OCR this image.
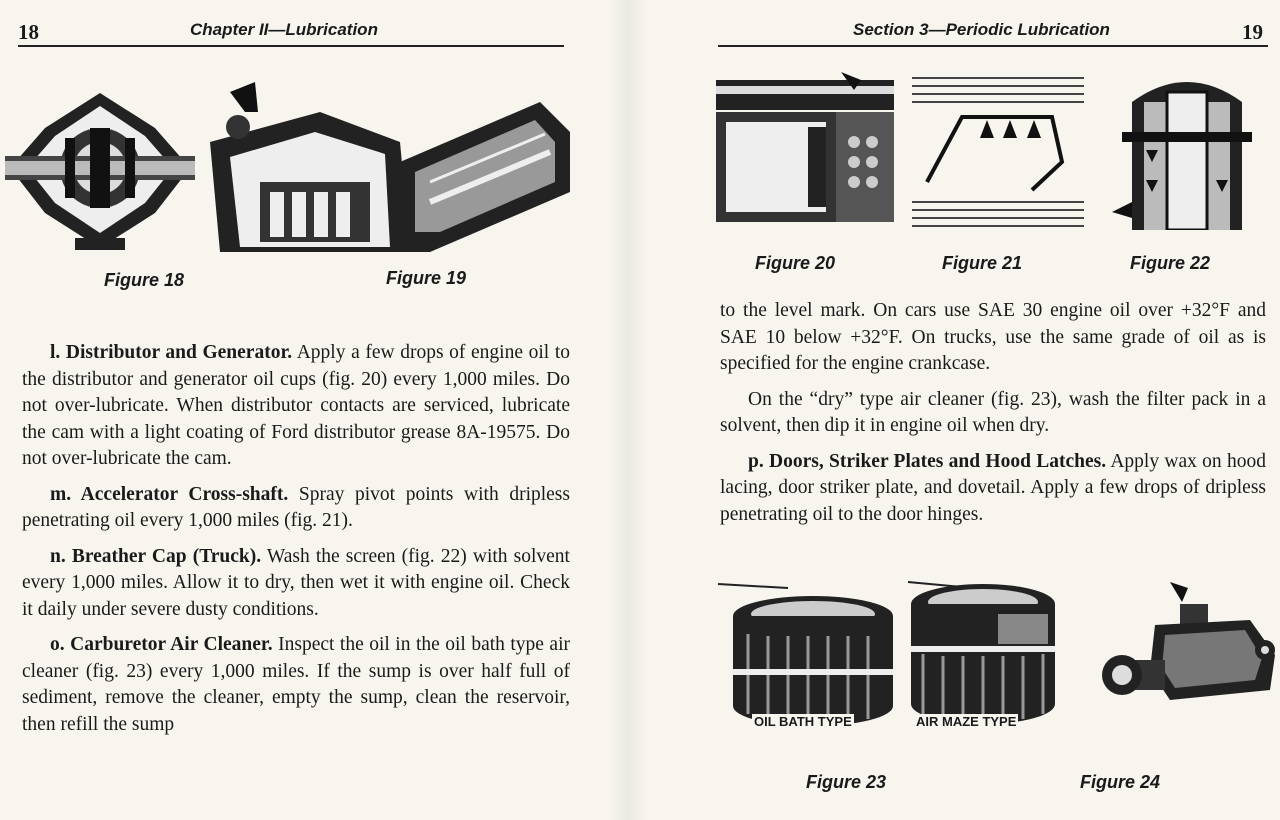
18	Chapter II—Lubrication
Figure 18	Figure 19

l. Distributor and Generator. Apply a few drops of engine oil to the distributor and generator oil cups (fig. 20) every 1,000 miles. Do not over-lubricate. When distributor contacts are serviced, lubricate the cam with a light coating of Ford distributor grease 8A-19575. Do not over-lubricate the cam.

m. Accelerator Cross-shaft. Spray pivot points with dripless penetrating oil every 1,000 miles (fig. 21).

n. Breather Cap (Truck). Wash the screen (fig. 22) with solvent every 1,000 miles. Allow it to dry, then wet it with engine oil. Check it daily under severe dusty conditions.

o. Carburetor Air Cleaner. Inspect the oil in the oil bath type air cleaner (fig. 23) every 1,000 miles. If the sump is over half full of sediment, remove the cleaner, empty the sump, clean the reservoir, then refill the sump

Section 3—Periodic Lubrication	19
Figure 20	Figure 21	Figure 22

to the level mark. On cars use SAE 30 engine oil over +32°F and SAE 10 below +32°F. On trucks, use the same grade of oil as is specified for the engine crankcase.

On the “dry” type air cleaner (fig. 23), wash the filter pack in a solvent, then dip it in engine oil when dry.

p. Doors, Striker Plates and Hood Latches. Apply wax on hood lacing, door striker plate, and dovetail. Apply a few drops of dripless penetrating oil to the door hinges.

OIL BATH TYPE	AIR MAZE TYPE
Figure 23	Figure 24
